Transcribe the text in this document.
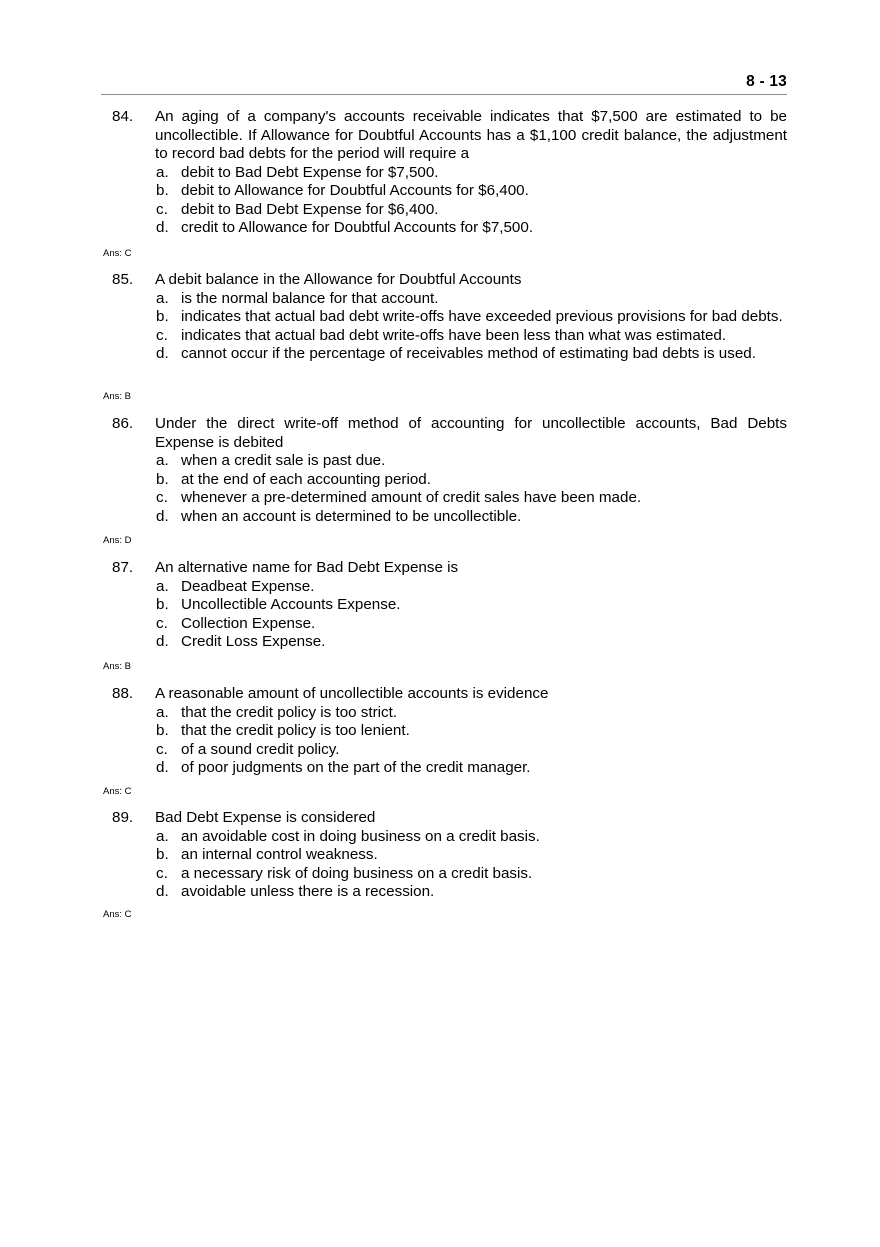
8 - 13
84. An aging of a company's accounts receivable indicates that $7,500 are estimated to be uncollectible. If Allowance for Doubtful Accounts has a $1,100 credit balance, the adjustment to record bad debts for the period will require a
a. debit to Bad Debt Expense for $7,500.
b. debit to Allowance for Doubtful Accounts for $6,400.
c. debit to Bad Debt Expense for $6,400.
d. credit to Allowance for Doubtful Accounts for $7,500.
Ans: C
85. A debit balance in the Allowance for Doubtful Accounts
a. is the normal balance for that account.
b. indicates that actual bad debt write-offs have exceeded previous provisions for bad debts.
c. indicates that actual bad debt write-offs have been less than what was estimated.
d. cannot occur if the percentage of receivables method of estimating bad debts is used.
Ans: B
86. Under the direct write-off method of accounting for uncollectible accounts, Bad Debts Expense is debited
a. when a credit sale is past due.
b. at the end of each accounting period.
c. whenever a pre-determined amount of credit sales have been made.
d. when an account is determined to be uncollectible.
Ans: D
87. An alternative name for Bad Debt Expense is
a. Deadbeat Expense.
b. Uncollectible Accounts Expense.
c. Collection Expense.
d. Credit Loss Expense.
Ans: B
88. A reasonable amount of uncollectible accounts is evidence
a. that the credit policy is too strict.
b. that the credit policy is too lenient.
c. of a sound credit policy.
d. of poor judgments on the part of the credit manager.
Ans: C
89. Bad Debt Expense is considered
a. an avoidable cost in doing business on a credit basis.
b. an internal control weakness.
c. a necessary risk of doing business on a credit basis.
d. avoidable unless there is a recession.
Ans: C
